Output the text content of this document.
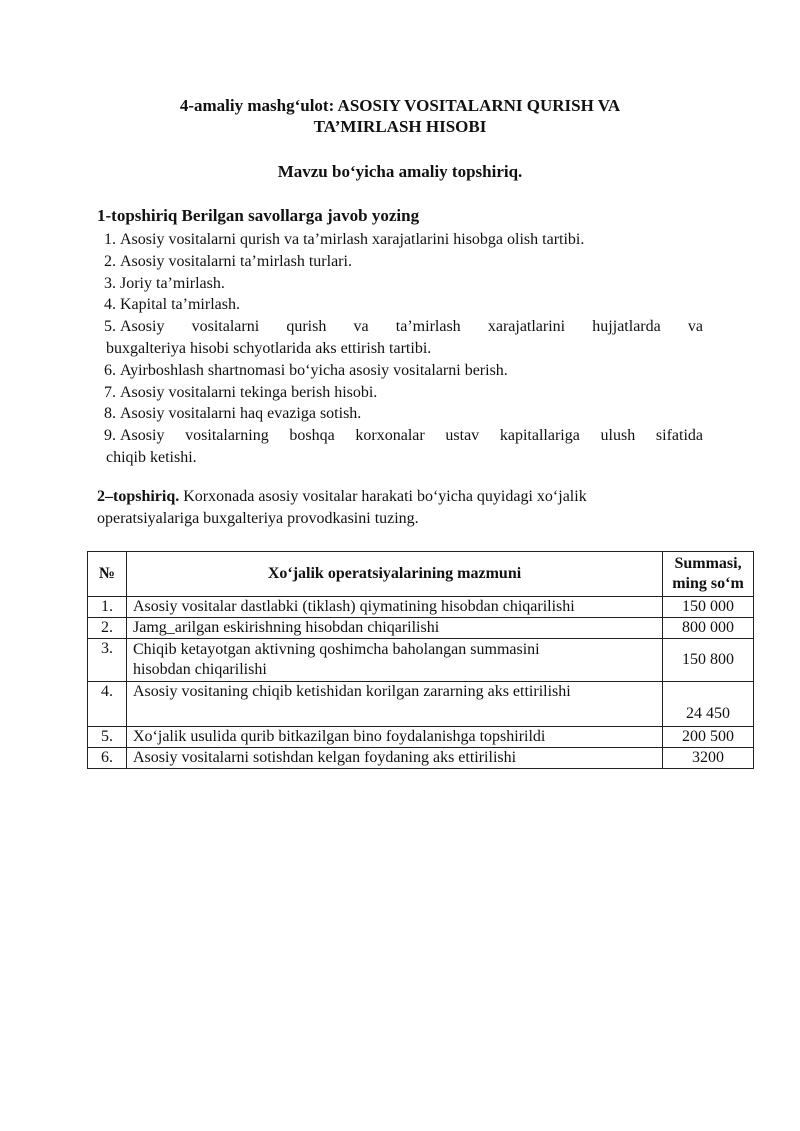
4-amaliy mashg‘ulot: ASOSIY VOSITALARNI QURISH VA
TA’MIRLASH HISOBI
Mavzu bo‘yicha amaliy topshiriq.
1-topshiriq Berilgan savollarga javob yozing
1. Asosiy vositalarni qurish va ta’mirlash xarajatlarini hisobga olish tartibi.
2. Asosiy vositalarni ta’mirlash turlari.
3. Joriy ta’mirlash.
4. Kapital ta’mirlash.
5. Asosiy vositalarni qurish va ta’mirlash xarajatlarini hujjatlarda va
buxgalteriya hisobi schyotlarida aks ettirish tartibi.
6. Ayirboshlash shartnomasi bo‘yicha asosiy vositalarni berish.
7. Asosiy vositalarni tekinga berish hisobi.
8. Asosiy vositalarni haq evaziga sotish.
9. Asosiy vositalarning boshqa korxonalar ustav kapitallariga ulush sifatida
chiqib ketishi.
2–topshiriq. Korxonada asosiy vositalar harakati bo‘yicha quyidagi xo‘jalik
operatsiyalariga buxgalteriya provodkasini tuzing.
№	Xo‘jalik operatsiyalarining mazmuni	Summasi,
ming so‘m
1.	Asosiy vositalar dastlabki (tiklash) qiymatining hisobdan chiqarilishi	150 000
2.	Jamg_arilgan eskirishning hisobdan chiqarilishi	800 000
3.	Chiqib ketayotgan aktivning qoshimcha baholangan summasini
hisobdan chiqarilishi	150 800
4.	Asosiy vositaning chiqib ketishidan korilgan zararning aks ettirilishi	24 450
5.	Xo‘jalik usulida qurib bitkazilgan bino foydalanishga topshirildi	200 500
6.	Asosiy vositalarni sotishdan kelgan foydaning aks ettirilishi	3200
